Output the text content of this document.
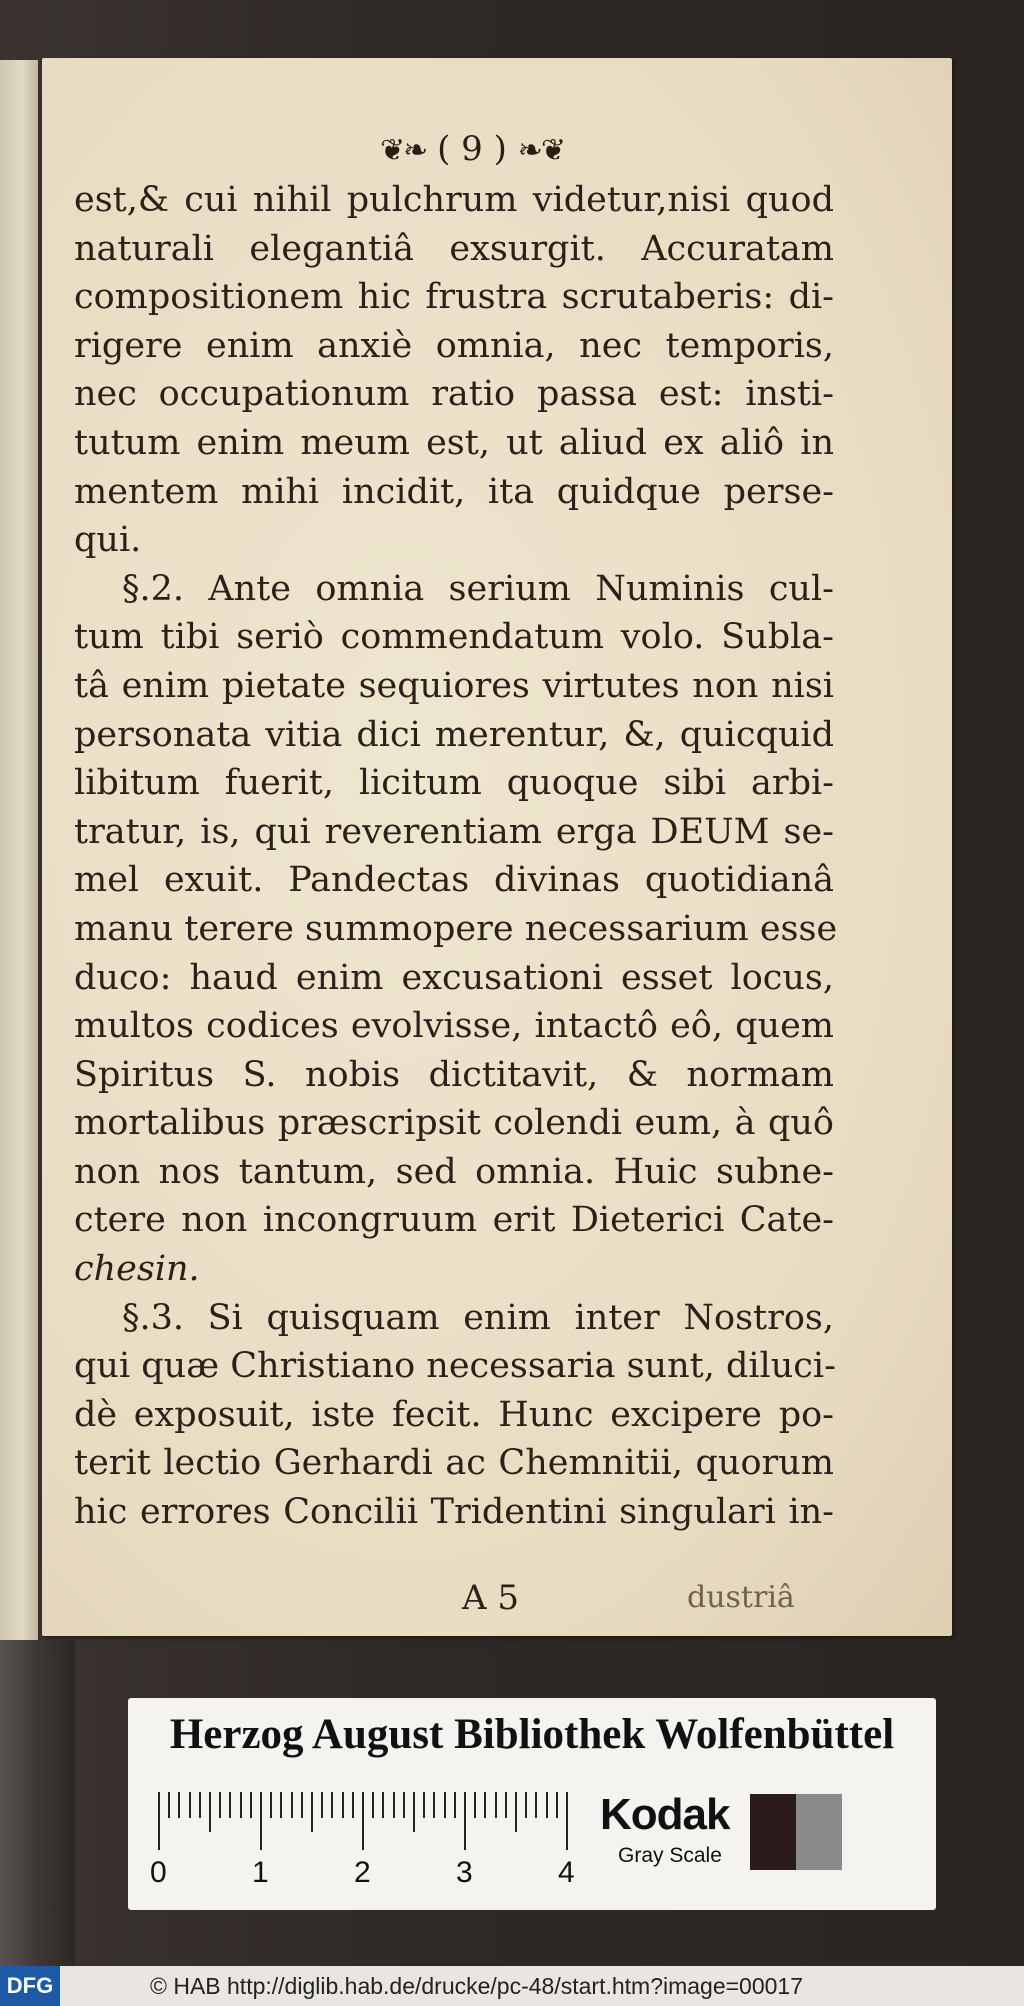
❦❧ ( 9 ) ❧❦
est,& cui nihil pulchrum videtur,nisi quod
naturali elegantiâ exsurgit. Accuratam
compositionem hic frustra scrutaberis: di-
rigere enim anxiè omnia, nec temporis,
nec occupationum ratio passa est: insti-
tutum enim meum est, ut aliud ex aliô in
mentem mihi incidit, ita quidque perse-
qui.
§.2. Ante omnia serium Numinis cul-
tum tibi seriò commendatum volo. Subla-
tâ enim pietate sequiores virtutes non nisi
personata vitia dici merentur, &, quicquid
libitum fuerit, licitum quoque sibi arbi-
tratur, is, qui reverentiam erga DEUM se-
mel exuit. Pandectas divinas quotidianâ
manu terere summopere necessarium esse
duco: haud enim excusationi esset locus,
multos codices evolvisse, intactô eô, quem
Spiritus S. nobis dictitavit, & normam
mortalibus præscripsit colendi eum, à quô
non nos tantum, sed omnia. Huic subne-
ctere non incongruum erit Dieterici Cate-
chesin.
§.3. Si quisquam enim inter Nostros,
qui quæ Christiano necessaria sunt, diluci-
dè exposuit, iste fecit. Hunc excipere po-
terit lectio Gerhardi ac Chemnitii, quorum
hic errores Concilii Tridentini singulari in-
A 5	dustriâ
Herzog August Bibliothek Wolfenbüttel
0	1	2	3	4
Kodak
Gray Scale
DFG	© HAB http://diglib.hab.de/drucke/pc-48/start.htm?image=00017
